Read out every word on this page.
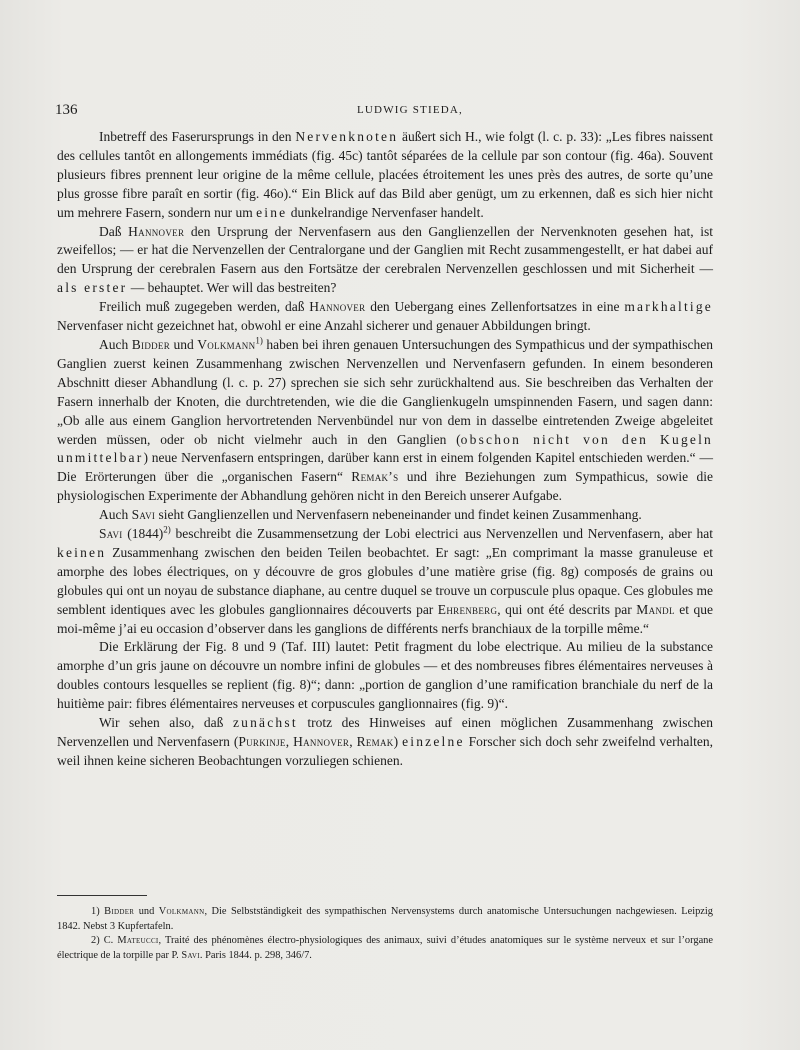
136	LUDWIG STIEDA,

Inbetreff des Faserursprungs in den Nervenknoten äußert sich H., wie folgt (l. c. p. 33): „Les fibres naissent des cellules tantôt en allongements immédiats (fig. 45c) tantôt séparées de la cellule par son contour (fig. 46a). Souvent plusieurs fibres prennent leur origine de la même cellule, placées étroitement les unes près des autres, de sorte qu’une plus grosse fibre paraît en sortir (fig. 46o).“ Ein Blick auf das Bild aber genügt, um zu erkennen, daß es sich hier nicht um mehrere Fasern, sondern nur um eine dunkelrandige Nervenfaser handelt.

Daß Hannover den Ursprung der Nervenfasern aus den Ganglienzellen der Nervenknoten gesehen hat, ist zweifellos; — er hat die Nervenzellen der Centralorgane und der Ganglien mit Recht zusammengestellt, er hat dabei auf den Ursprung der cerebralen Fasern aus den Fortsätze der cerebralen Nervenzellen geschlossen und mit Sicherheit — als erster — behauptet. Wer will das bestreiten?

Freilich muß zugegeben werden, daß Hannover den Uebergang eines Zellenfortsatzes in eine markhaltige Nervenfaser nicht gezeichnet hat, obwohl er eine Anzahl sicherer und genauer Abbildungen bringt.

Auch Bidder und Volkmann$^{1)}$ haben bei ihren genauen Untersuchungen des Sympathicus und der sympathischen Ganglien zuerst keinen Zusammenhang zwischen Nervenzellen und Nervenfasern gefunden. In einem besonderen Abschnitt dieser Abhandlung (l. c. p. 27) sprechen sie sich sehr zurückhaltend aus. Sie beschreiben das Verhalten der Fasern innerhalb der Knoten, die durchtretenden, wie die die Ganglienkugeln umspinnenden Fasern, und sagen dann: „Ob alle aus einem Ganglion hervortretenden Nervenbündel nur von dem in dasselbe eintretenden Zweige abgeleitet werden müssen, oder ob nicht vielmehr auch in den Ganglien (obschon nicht von den Kugeln unmittelbar) neue Nervenfasern entspringen, darüber kann erst in einem folgenden Kapitel entschieden werden.“ — Die Erörterungen über die „organischen Fasern“ Remak’s und ihre Beziehungen zum Sympathicus, sowie die physiologischen Experimente der Abhandlung gehören nicht in den Bereich unserer Aufgabe.

Auch Savi sieht Ganglienzellen und Nervenfasern nebeneinander und findet keinen Zusammenhang.

Savi $(1844)^{2)}$ beschreibt die Zusammensetzung der Lobi electrici aus Nervenzellen und Nervenfasern, aber hat keinen Zusammenhang zwischen den beiden Teilen beobachtet. Er sagt: „En comprimant la masse granuleuse et amorphe des lobes électriques, on y découvre de gros globules d’une matière grise (fig. 8g) composés de grains ou globules qui ont un noyau de substance diaphane, au centre duquel se trouve un corpuscule plus opaque. Ces globules me semblent identiques avec les globules ganglionnaires découverts par Ehrenberg, qui ont été descrits par Mandl et que moi-même j’ai eu occasion d’observer dans les ganglions de différents nerfs branchiaux de la torpille même.“

Die Erklärung der Fig. 8 und 9 (Taf. III) lautet: Petit fragment du lobe electrique. Au milieu de la substance amorphe d’un gris jaune on découvre un nombre infini de globules — et des nombreuses fibres élémentaires nerveuses à doubles contours lesquelles se replient (fig. 8)“; dann: „portion de ganglion d’une ramification branchiale du nerf de la huitième pair: fibres élémentaires nerveuses et corpuscules ganglionnaires (fig. 9)“.

Wir sehen also, daß zunächst trotz des Hinweises auf einen möglichen Zusammenhang zwischen Nervenzellen und Nervenfasern (Purkinje, Hannover, Remak) einzelne Forscher sich doch sehr zweifelnd verhalten, weil ihnen keine sicheren Beobachtungen vorzuliegen schienen.

1) Bidder und Volkmann, Die Selbstständigkeit des sympathischen Nervensystems durch anatomische Untersuchungen nachgewiesen. Leipzig 1842. Nebst 3 Kupfertafeln.

2) C. Mateucci, Traité des phénomènes électro-physiologiques des animaux, suivi d’études anatomiques sur le système nerveux et sur l’organe électrique de la torpille par P. Savi. Paris 1844. p. 298, 346/7.
